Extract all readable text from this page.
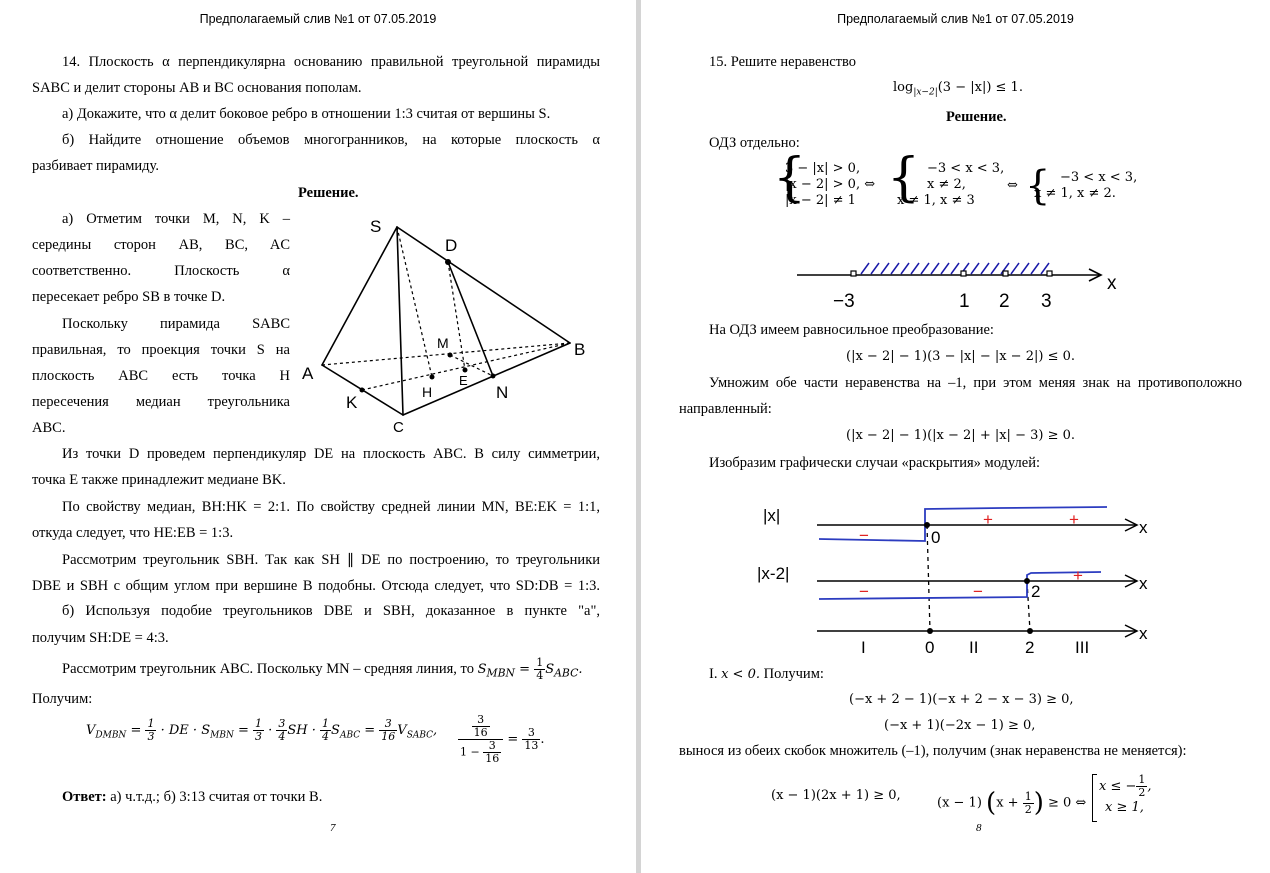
Предполагаемый слив №1 от 07.05.2019
14. Плоскость α перпендикулярна основанию правильной треугольной пирамиды
SABC и делит стороны AB и BC основания пополам.
а) Докажите, что α делит боковое ребро в отношении 1:3 считая от вершины S.
б) Найдите отношение объемов многогранников, на которые плоскость α
разбивает пирамиду.
Решение.
а) Отметим точки M, N, K –
середины сторон AB, BC, AC
соответственно. Плоскость α
пересекает ребро SB в точке D.
Поскольку пирамида SABC
правильная, то проекция точки S на
плоскость ABC есть точка H
пересечения медиан треугольника
ABC.
S
D
B
A
M
E
H
K
N
C
Из точки D проведем перпендикуляр DE на плоскость ABC. В силу симметрии,
точка E также принадлежит медиане BK.
По свойству медиан, BH:HK = 2:1. По свойству средней линии MN, BE:EK = 1:1,
откуда следует, что HE:EB = 1:3.
Рассмотрим треугольник SBH. Так как SH ∥ DE по построению, то треугольники
DBE и SBH с общим углом при вершине B подобны. Отсюда следует, что SD:DB = 1:3.
б) Используя подобие треугольников DBE и SBH, доказанное в пункте "а",
получим SH:DE = 4:3.
Рассмотрим треугольник ABC. Поскольку MN – средняя линия, то $S_{MBN} = \frac{1}{4} S_{ABC}$.
Получим:
$V_{DMBN} = \frac{1}{3}$ · DE · $S_{MBN} = \frac{1}{3} \cdot \frac{3}{4}$ SH · $\frac{1}{4} S_{ABC} = \frac{3}{16} V_{SABC}$, $\frac{\frac{3}{16}}{1 - \frac{3}{16}} = \frac{3}{13}$ .
Ответ: а) ч.т.д.; б) 3:13 считая от точки B.
7
Предполагаемый слив №1 от 07.05.2019
15. Решите неравенство
$\log_{|x-2|}(3 - |x|) \le 1$.
Решение.
ОДЗ отдельно:
{
3 − |x| > 0,
|x − 2| > 0, ⇔
|x − 2| ≠ 1 { −3 < x < 3,
x ≠ 2,
x ≠ 1, x ≠ 3
⇔ { −3 < x < 3,
x ≠ 1, x ≠ 2.
−3	1 2 3
x
На ОДЗ имеем равносильное преобразование:
(|x − 2| − 1)(3 − |x| − |x − 2|) ≤ 0.
Умножим обе части неравенства на –1, при этом меняя знак на противоположно
направленный:
(|x − 2| − 1)(|x − 2| + |x| − 3) ≥ 0.
Изобразим графически случаи «раскрытия» модулей:
−
+	+
−	−
+
|x|
|x-2|
0
2
0	2
x
x
x
I	II	III
I. x < 0. Получим:
(−x + 2 − 1)(−x + 2 − x − 3) ≥ 0,
(−x + 1)(−2x − 1) ≥ 0,
вынося из обеих скобок множитель (–1), получим (знак неравенства не меняется):
(x − 1)(2x + 1) ≥ 0,	(x − 1) ($x + \frac{1}{2}$ ) ≥ 0 ⇔
x ≤ − $\frac{1}{2}$ ,
x ≥ 1,
8
